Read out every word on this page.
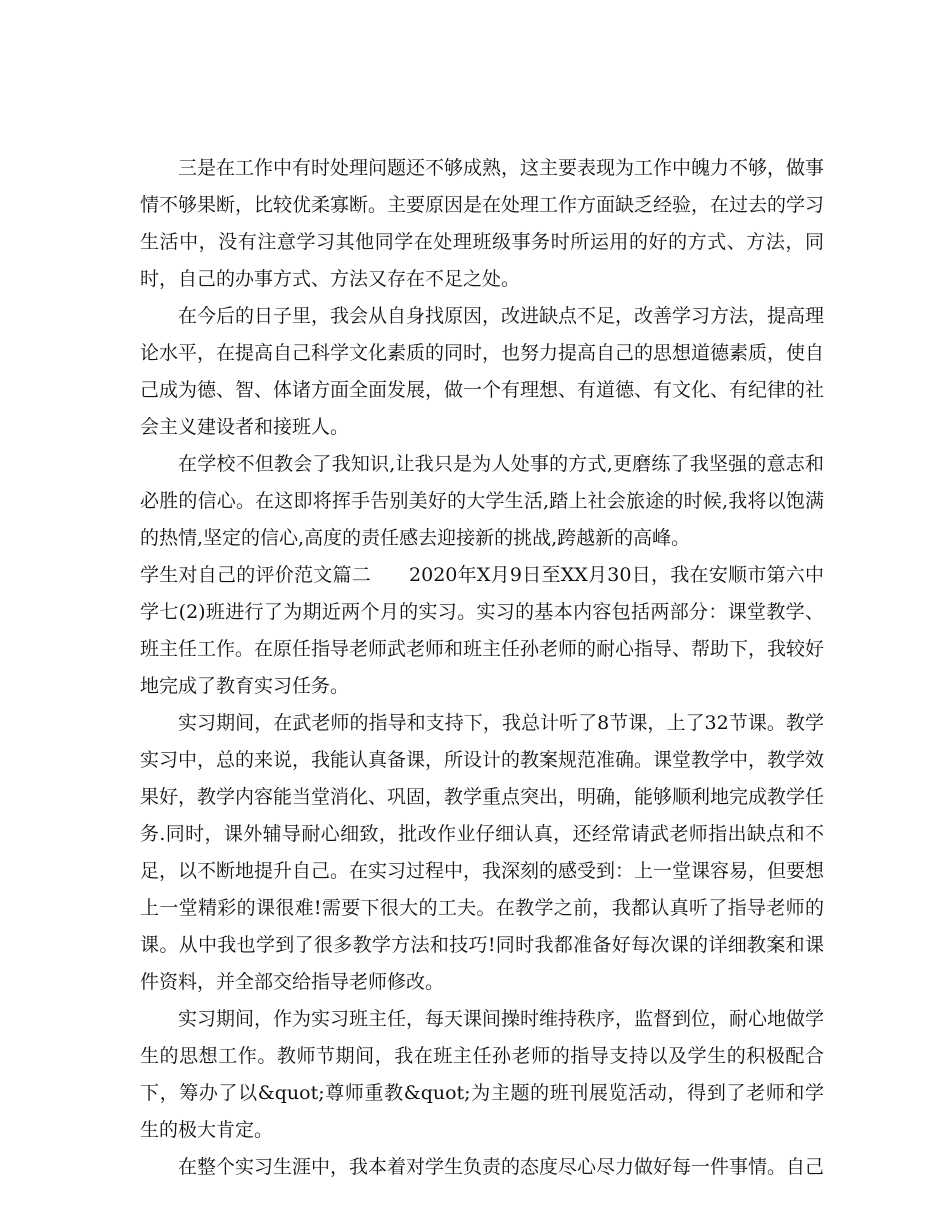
三是在工作中有时处理问题还不够成熟，这主要表现为工作中魄力不够，做事情不够果断，比较优柔寡断。主要原因是在处理工作方面缺乏经验，在过去的学习生活中，没有注意学习其他同学在处理班级事务时所运用的好的方式、方法，同时，自己的办事方式、方法又存在不足之处。

在今后的日子里，我会从自身找原因，改进缺点不足，改善学习方法，提高理论水平，在提高自己科学文化素质的同时，也努力提高自己的思想道德素质，使自己成为德、智、体诸方面全面发展，做一个有理想、有道德、有文化、有纪律的社会主义建设者和接班人。

在学校不但教会了我知识,让我只是为人处事的方式,更磨练了我坚强的意志和必胜的信心。在这即将挥手告别美好的大学生活,踏上社会旅途的时候,我将以饱满的热情,坚定的信心,高度的责任感去迎接新的挑战,跨越新的高峰。

学生对自己的评价范文篇二   2020年X月9日至XX月30日，我在安顺市第六中学七(2)班进行了为期近两个月的实习。实习的基本内容包括两部分：课堂教学、班主任工作。在原任指导老师武老师和班主任孙老师的耐心指导、帮助下，我较好地完成了教育实习任务。

实习期间，在武老师的指导和支持下，我总计听了8节课，上了32节课。教学实习中，总的来说，我能认真备课，所设计的教案规范准确。课堂教学中，教学效果好，教学内容能当堂消化、巩固，教学重点突出，明确，能够顺利地完成教学任务.同时，课外辅导耐心细致，批改作业仔细认真，还经常请武老师指出缺点和不足，以不断地提升自己。在实习过程中，我深刻的感受到：上一堂课容易，但要想上一堂精彩的课很难!需要下很大的工夫。在教学之前，我都认真听了指导老师的课。从中我也学到了很多教学方法和技巧!同时我都准备好每次课的详细教案和课件资料，并全部交给指导老师修改。

实习期间，作为实习班主任，每天课间操时维持秩序，监督到位，耐心地做学生的思想工作。教师节期间，我在班主任孙老师的指导支持以及学生的积极配合下，筹办了以&quot;尊师重教&quot;为主题的班刊展览活动，得到了老师和学生的极大肯定。

在整个实习生涯中，我本着对学生负责的态度尽心尽力做好每一件事情。自己
